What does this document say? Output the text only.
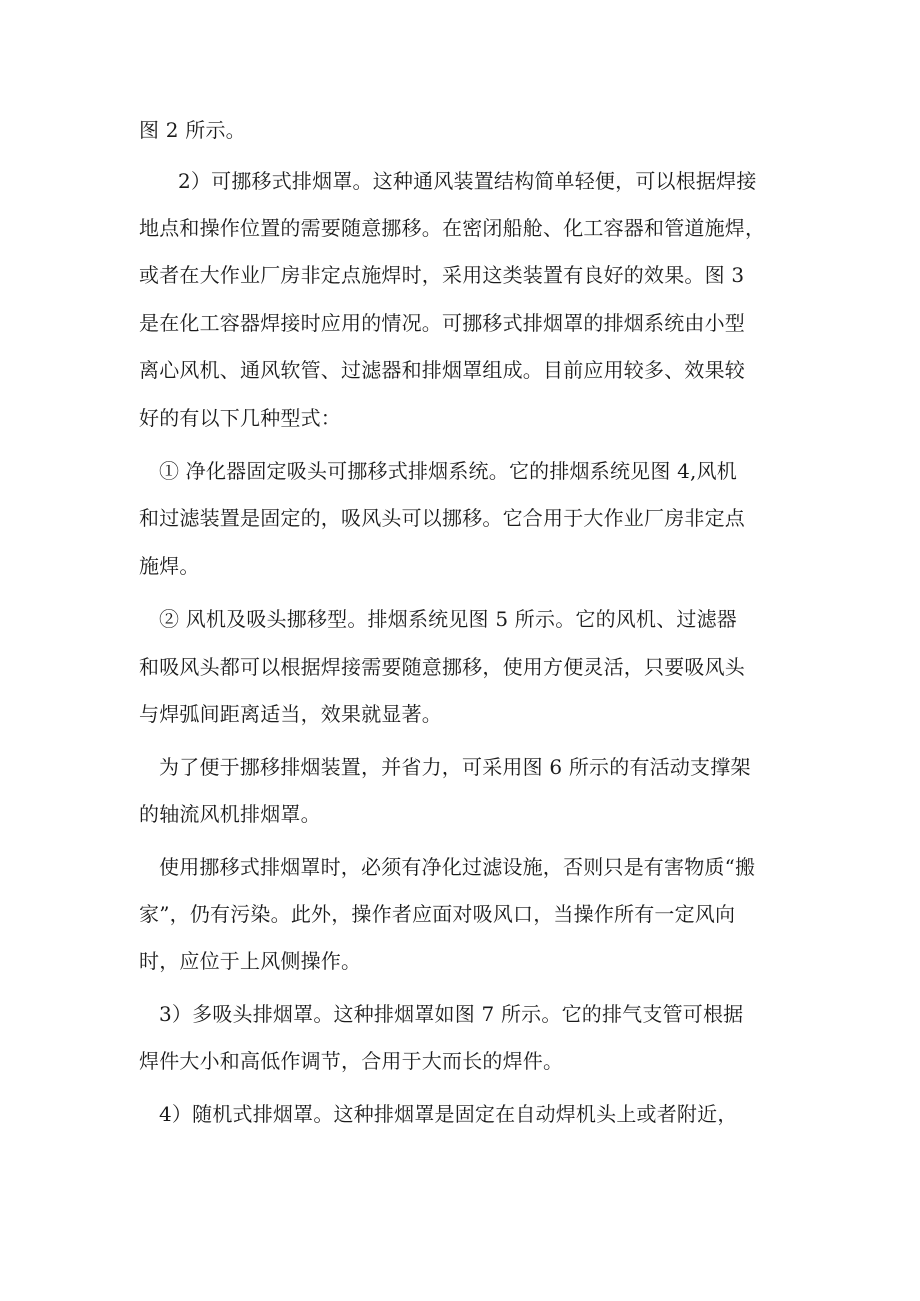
图 2 所示。
2）可挪移式排烟罩。这种通风装置结构简单轻便，可以根据焊接
地点和操作位置的需要随意挪移。在密闭船舱、化工容器和管道施焊，
或者在大作业厂房非定点施焊时，采用这类装置有良好的效果。图 3
是在化工容器焊接时应用的情况。可挪移式排烟罩的排烟系统由小型
离心风机、通风软管、过滤器和排烟罩组成。目前应用较多、效果较
好的有以下几种型式：
① 净化器固定吸头可挪移式排烟系统。它的排烟系统见图 4,风机
和过滤装置是固定的，吸风头可以挪移。它合用于大作业厂房非定点
施焊。
② 风机及吸头挪移型。排烟系统见图 5 所示。它的风机、过滤器
和吸风头都可以根据焊接需要随意挪移，使用方便灵活，只要吸风头
与焊弧间距离适当，效果就显著。
为了便于挪移排烟装置，并省力，可采用图 6 所示的有活动支撑架
的轴流风机排烟罩。
使用挪移式排烟罩时，必须有净化过滤设施，否则只是有害物质“搬
家”，仍有污染。此外，操作者应面对吸风口，当操作所有一定风向
时，应位于上风侧操作。
3）多吸头排烟罩。这种排烟罩如图 7 所示。它的排气支管可根据
焊件大小和高低作调节，合用于大而长的焊件。
4）随机式排烟罩。这种排烟罩是固定在自动焊机头上或者附近，
